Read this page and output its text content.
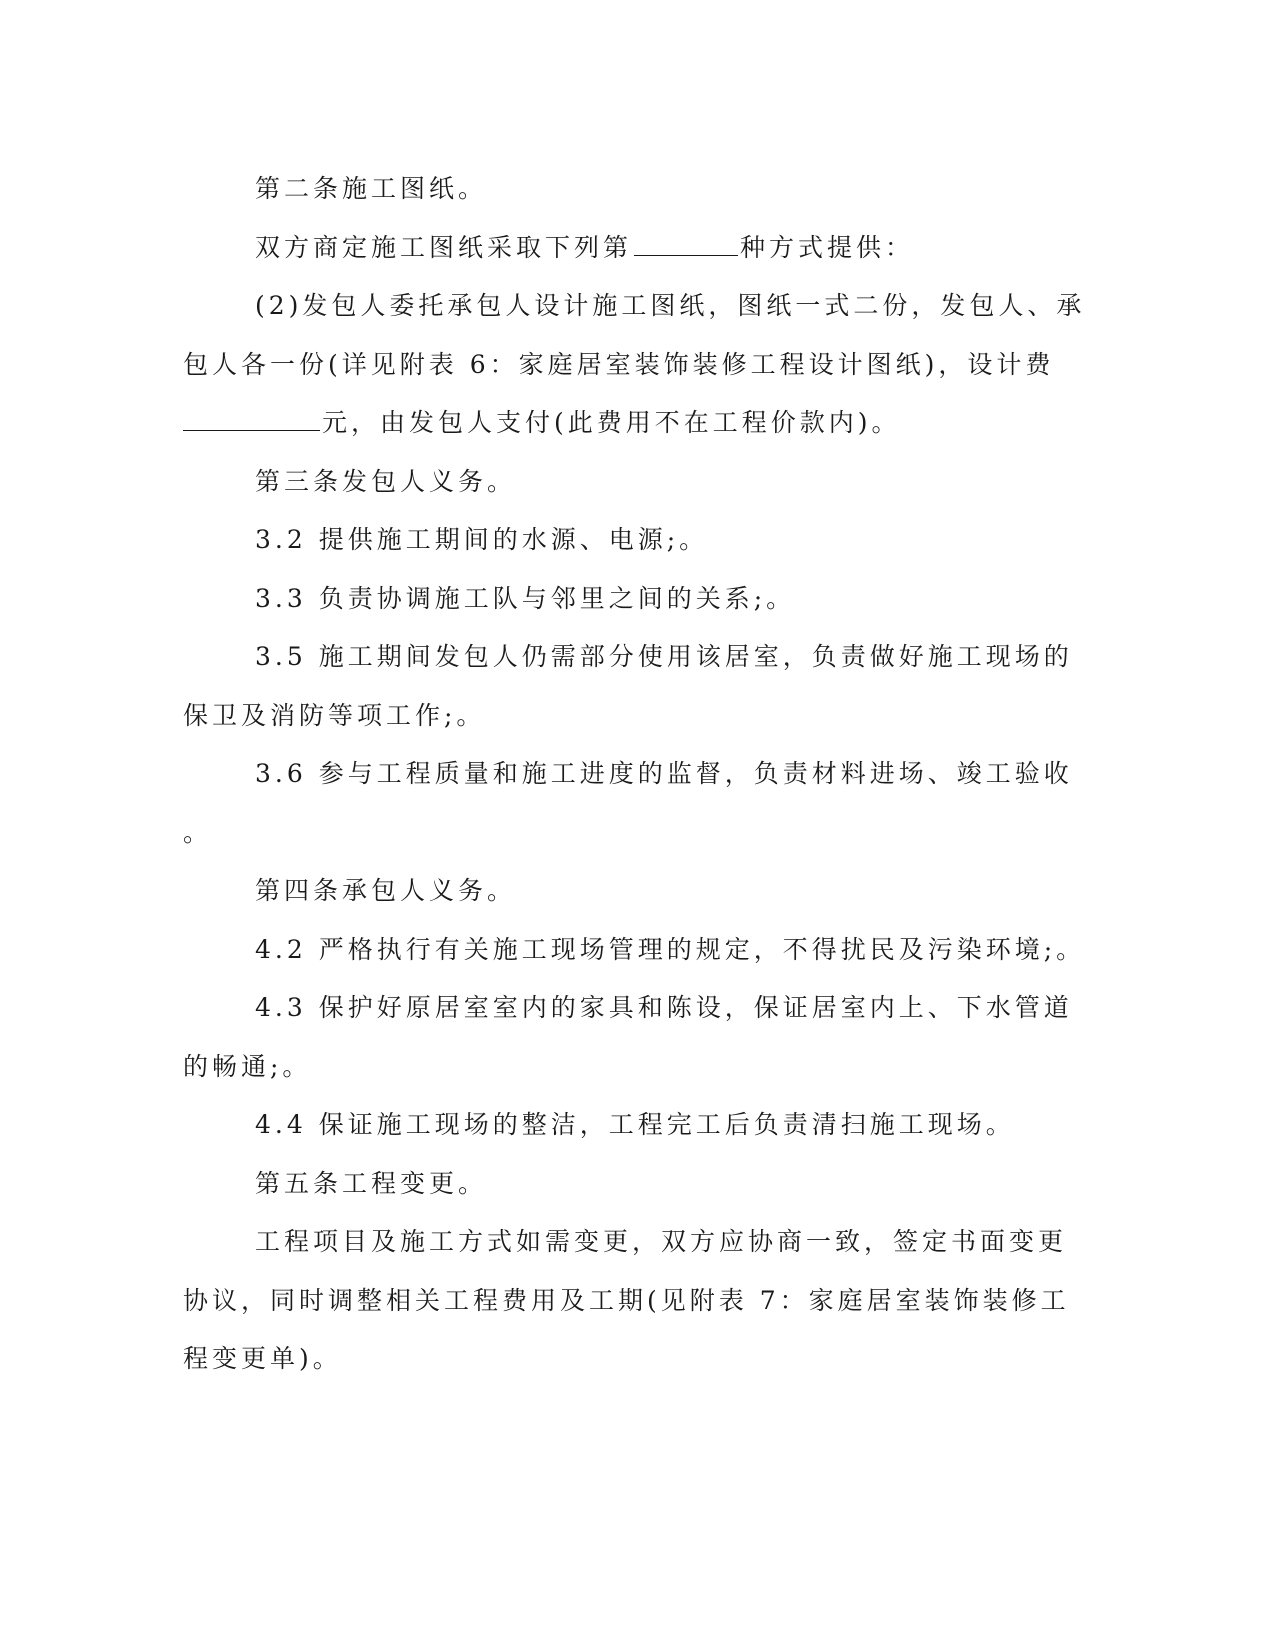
第二条施工图纸。
双方商定施工图纸采取下列第	种方式提供：
(2)发包人委托承包人设计施工图纸，图纸一式二份，发包人、承
包人各一份(详见附表 6：家庭居室装饰装修工程设计图纸)，设计费
元，由发包人支付(此费用不在工程价款内)。
第三条发包人义务。
3.2 提供施工期间的水源、电源;。
3.3 负责协调施工队与邻里之间的关系;。
3.5 施工期间发包人仍需部分使用该居室，负责做好施工现场的
保卫及消防等项工作;。
3.6 参与工程质量和施工进度的监督，负责材料进场、竣工验收
。
第四条承包人义务。
4.2 严格执行有关施工现场管理的规定，不得扰民及污染环境;。
4.3 保护好原居室室内的家具和陈设，保证居室内上、下水管道
的畅通;。
4.4 保证施工现场的整洁，工程完工后负责清扫施工现场。
第五条工程变更。
工程项目及施工方式如需变更，双方应协商一致，签定书面变更
协议，同时调整相关工程费用及工期(见附表 7：家庭居室装饰装修工
程变更单)。
